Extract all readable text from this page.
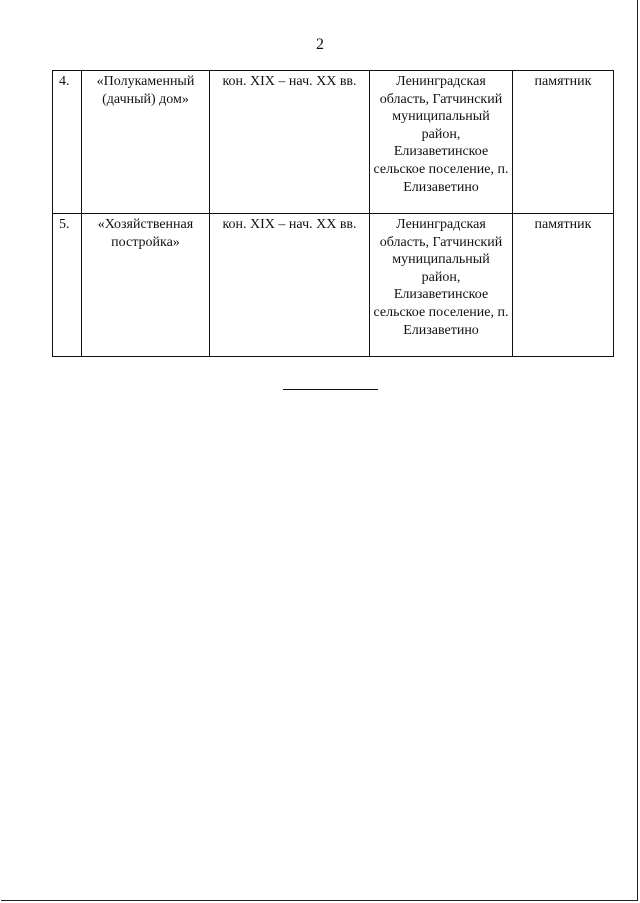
2
4.	«Полукаменный (дачный) дом»	кон. XIX – нач. XX вв.	Ленинградская область, Гатчинский муниципальный район, Елизаветинское сельское поселение, п. Елизаветино	памятник

5.	«Хозяйственная постройка»	кон. XIX – нач. XX вв.	Ленинградская область, Гатчинский муниципальный район, Елизаветинское сельское поселение, п. Елизаветино	памятник
